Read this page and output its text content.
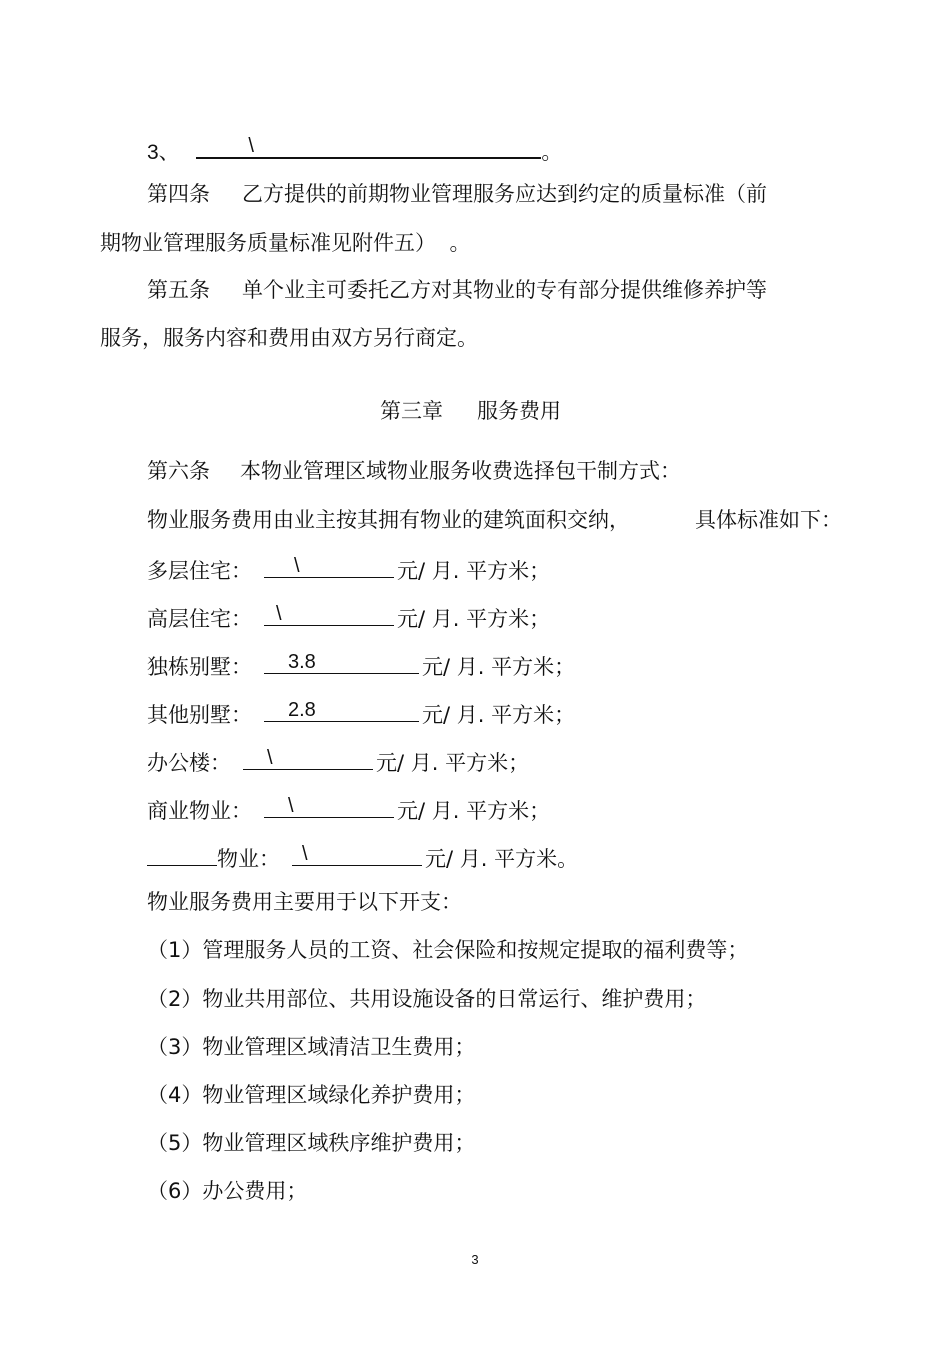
3、	\	。
第四条 乙方提供的前期物业管理服务应达到约定的质量标准（前
期物业管理服务质量标准见附件五） 。
第五条 单个业主可委托乙方对其物业的专有部分提供维修养护等
服务，服务内容和费用由双方另行商定。
第三章 服务费用
第六条 本物业管理区域物业服务收费选择包干制方式：
物业服务费用由业主按其拥有物业的建筑面积交纳，	具体标准如下：
多层住宅： \	元/ 月. 平方米；
高层住宅： \	元/ 月. 平方米；
独栋别墅： 3.8	元/ 月. 平方米；
其他别墅： 2.8	元/ 月. 平方米；
办公楼： \	元/ 月. 平方米；
商业物业： \	元/ 月. 平方米；
物业： \	元/ 月. 平方米。
物业服务费用主要用于以下开支：
（1）管理服务人员的工资、社会保险和按规定提取的福利费等；
（2）物业共用部位、共用设施设备的日常运行、维护费用；
（3）物业管理区域清洁卫生费用；
（4）物业管理区域绿化养护费用；
（5）物业管理区域秩序维护费用；
（6）办公费用；
3
